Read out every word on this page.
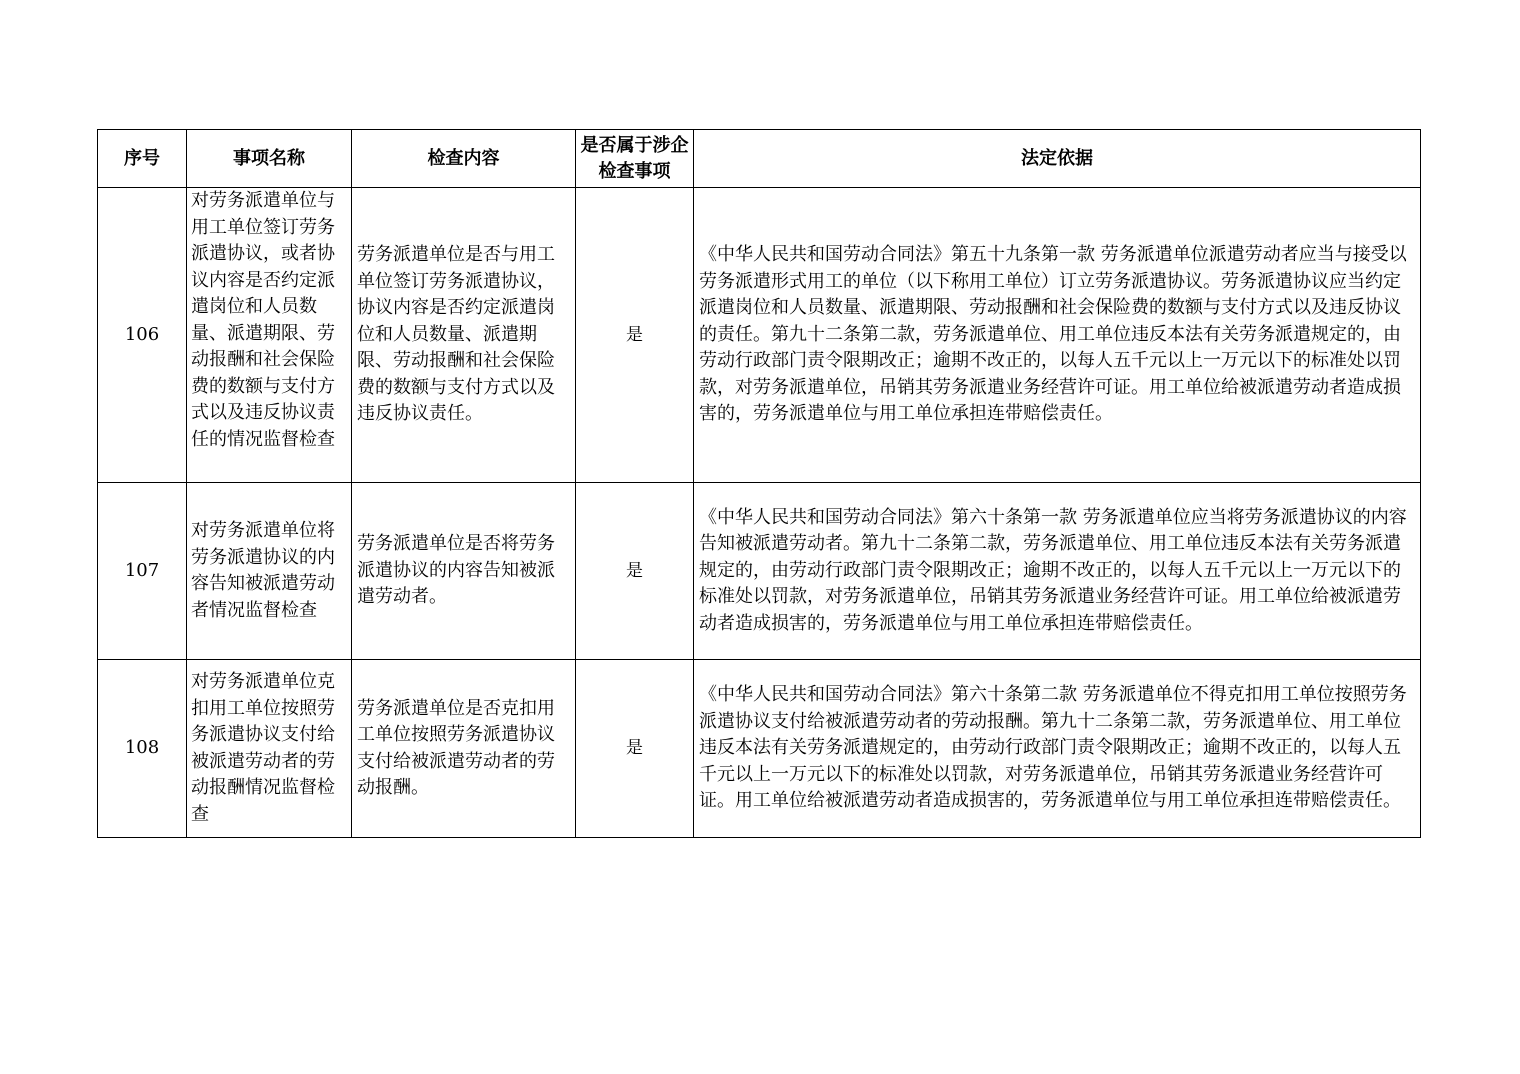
序号	事项名称	检查内容	是否属于涉企检查事项	法定依据
106	对劳务派遣单位与用工单位签订劳务派遣协议，或者协议内容是否约定派遣岗位和人员数量、派遣期限、劳动报酬和社会保险费的数额与支付方式以及违反协议责任的情况监督检查	劳务派遣单位是否与用工单位签订劳务派遣协议，协议内容是否约定派遣岗位和人员数量、派遣期限、劳动报酬和社会保险费的数额与支付方式以及违反协议责任。	是	《中华人民共和国劳动合同法》第五十九条第一款 劳务派遣单位派遣劳动者应当与接受以劳务派遣形式用工的单位（以下称用工单位）订立劳务派遣协议。劳务派遣协议应当约定派遣岗位和人员数量、派遣期限、劳动报酬和社会保险费的数额与支付方式以及违反协议的责任。第九十二条第二款，劳务派遣单位、用工单位违反本法有关劳务派遣规定的，由劳动行政部门责令限期改正；逾期不改正的，以每人五千元以上一万元以下的标准处以罚款，对劳务派遣单位，吊销其劳务派遣业务经营许可证。用工单位给被派遣劳动者造成损害的，劳务派遣单位与用工单位承担连带赔偿责任。
107	对劳务派遣单位将劳务派遣协议的内容告知被派遣劳动者情况监督检查	劳务派遣单位是否将劳务派遣协议的内容告知被派遣劳动者。	是	《中华人民共和国劳动合同法》第六十条第一款 劳务派遣单位应当将劳务派遣协议的内容告知被派遣劳动者。第九十二条第二款，劳务派遣单位、用工单位违反本法有关劳务派遣规定的，由劳动行政部门责令限期改正；逾期不改正的，以每人五千元以上一万元以下的标准处以罚款，对劳务派遣单位，吊销其劳务派遣业务经营许可证。用工单位给被派遣劳动者造成损害的，劳务派遣单位与用工单位承担连带赔偿责任。
108	对劳务派遣单位克扣用工单位按照劳务派遣协议支付给被派遣劳动者的劳动报酬情况监督检查	劳务派遣单位是否克扣用工单位按照劳务派遣协议支付给被派遣劳动者的劳动报酬。	是	《中华人民共和国劳动合同法》第六十条第二款 劳务派遣单位不得克扣用工单位按照劳务派遣协议支付给被派遣劳动者的劳动报酬。第九十二条第二款，劳务派遣单位、用工单位违反本法有关劳务派遣规定的，由劳动行政部门责令限期改正；逾期不改正的，以每人五千元以上一万元以下的标准处以罚款，对劳务派遣单位，吊销其劳务派遣业务经营许可证。用工单位给被派遣劳动者造成损害的，劳务派遣单位与用工单位承担连带赔偿责任。
